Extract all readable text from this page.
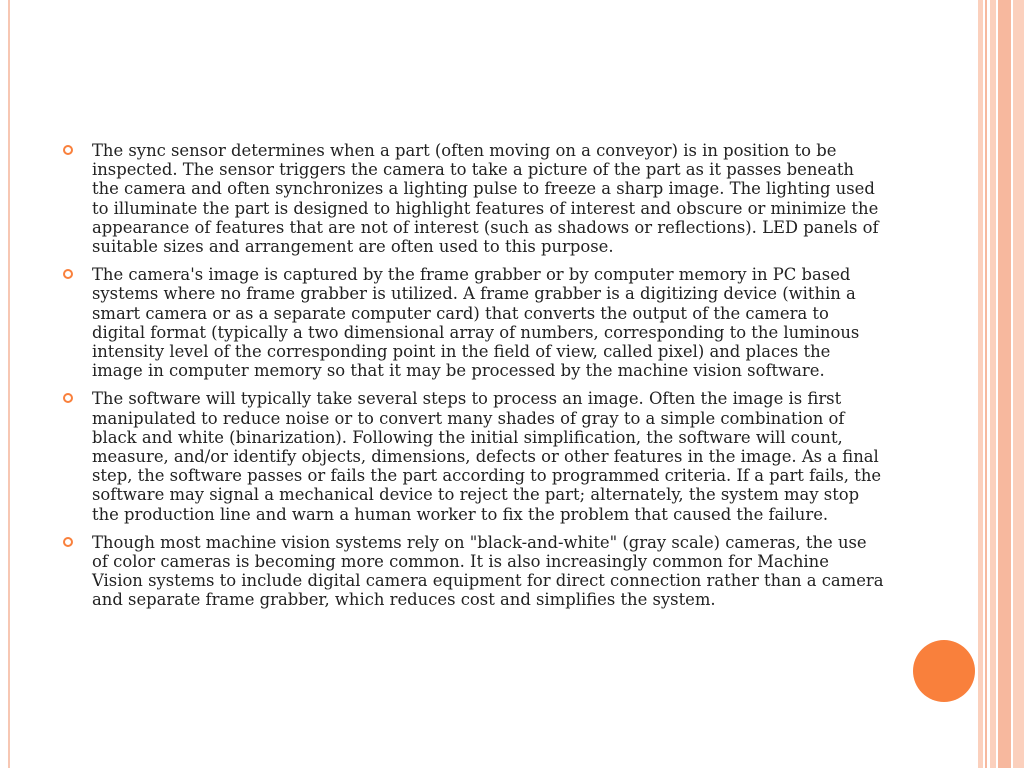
The sync sensor determines when a part (often moving on a conveyor) is in position to be inspected. The sensor triggers the camera to take a picture of the part as it passes beneath the camera and often synchronizes a lighting pulse to freeze a sharp image. The lighting used to illuminate the part is designed to highlight features of interest and obscure or minimize the appearance of features that are not of interest (such as shadows or reflections). LED panels of suitable sizes and arrangement are often used to this purpose.
The camera's image is captured by the frame grabber or by computer memory in PC based systems where no frame grabber is utilized. A frame grabber is a digitizing device (within a smart camera or as a separate computer card) that converts the output of the camera to digital format (typically a two dimensional array of numbers, corresponding to the luminous intensity level of the corresponding point in the field of view, called pixel) and places the image in computer memory so that it may be processed by the machine vision software.
The software will typically take several steps to process an image. Often the image is first manipulated to reduce noise or to convert many shades of gray to a simple combination of black and white (binarization). Following the initial simplification, the software will count, measure, and/or identify objects, dimensions, defects or other features in the image. As a final step, the software passes or fails the part according to programmed criteria. If a part fails, the software may signal a mechanical device to reject the part; alternately, the system may stop the production line and warn a human worker to fix the problem that caused the failure.
Though most machine vision systems rely on "black-and-white" (gray scale) cameras, the use of color cameras is becoming more common. It is also increasingly common for Machine Vision systems to include digital camera equipment for direct connection rather than a camera and separate frame grabber, which reduces cost and simplifies the system.
